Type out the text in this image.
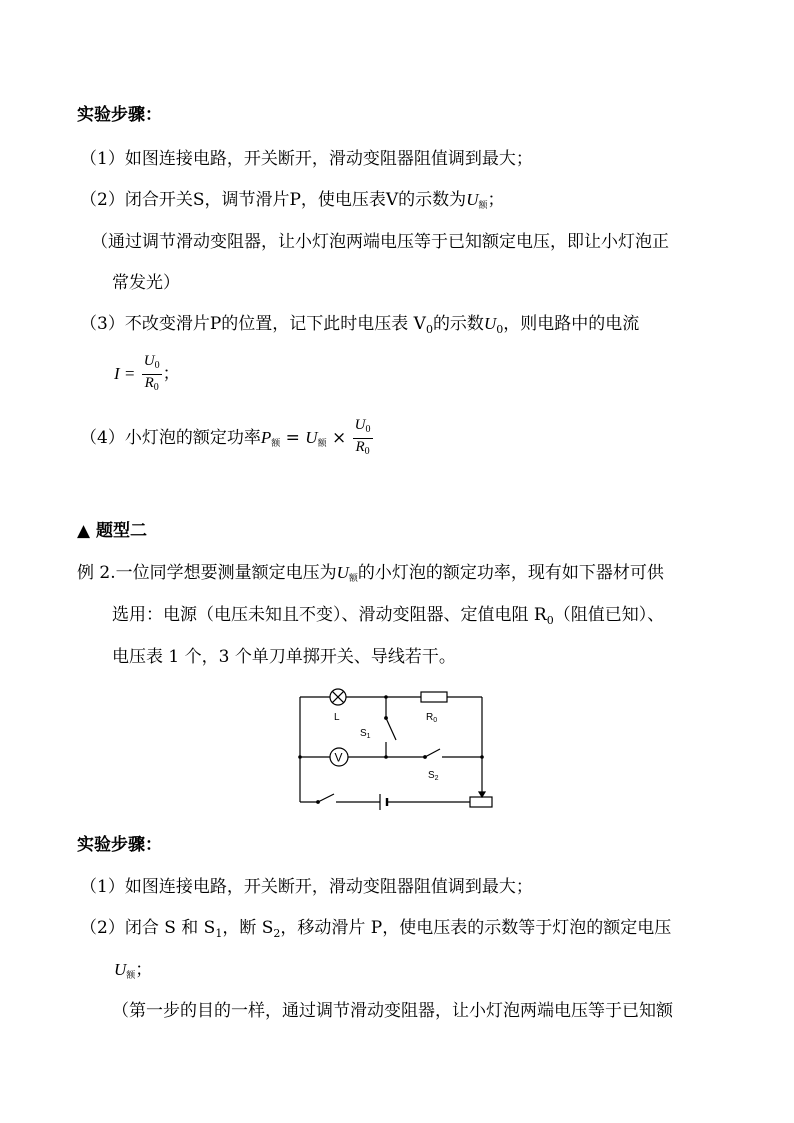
实验步骤：
（1）如图连接电路，开关断开，滑动变阻器阻值调到最大；
（2）闭合开关S，调节滑片P，使电压表V的示数为U额；
（通过调节滑动变阻器，让小灯泡两端电压等于已知额定电压，即让小灯泡正
常发光）
（3）不改变滑片P的位置，记下此时电压表 $V_0$的示数$U_0$，则电路中的电流
$I = \frac{U_0}{R_0}$ ；
（4）小灯泡的额定功率P额 = U额 × $\frac{U_0}{R_0}$
▲ 题型二
例 2.一位同学想要测量额定电压为U额的小灯泡的额定功率，现有如下器材可供
选用：电源（电压未知且不变）、滑动变阻器、定值电阻 $R_0$（阻值已知）、
电压表 1 个，3 个单刀单掷开关、导线若干。
L	$R_0$
$S_1$
V
$S_2$
实验步骤：
（1）如图连接电路，开关断开，滑动变阻器阻值调到最大；
（2）闭合 S 和 $S_1$，断 $S_2$，移动滑片 P，使电压表的示数等于灯泡的额定电压
U额；
（第一步的目的一样，通过调节滑动变阻器，让小灯泡两端电压等于已知额
